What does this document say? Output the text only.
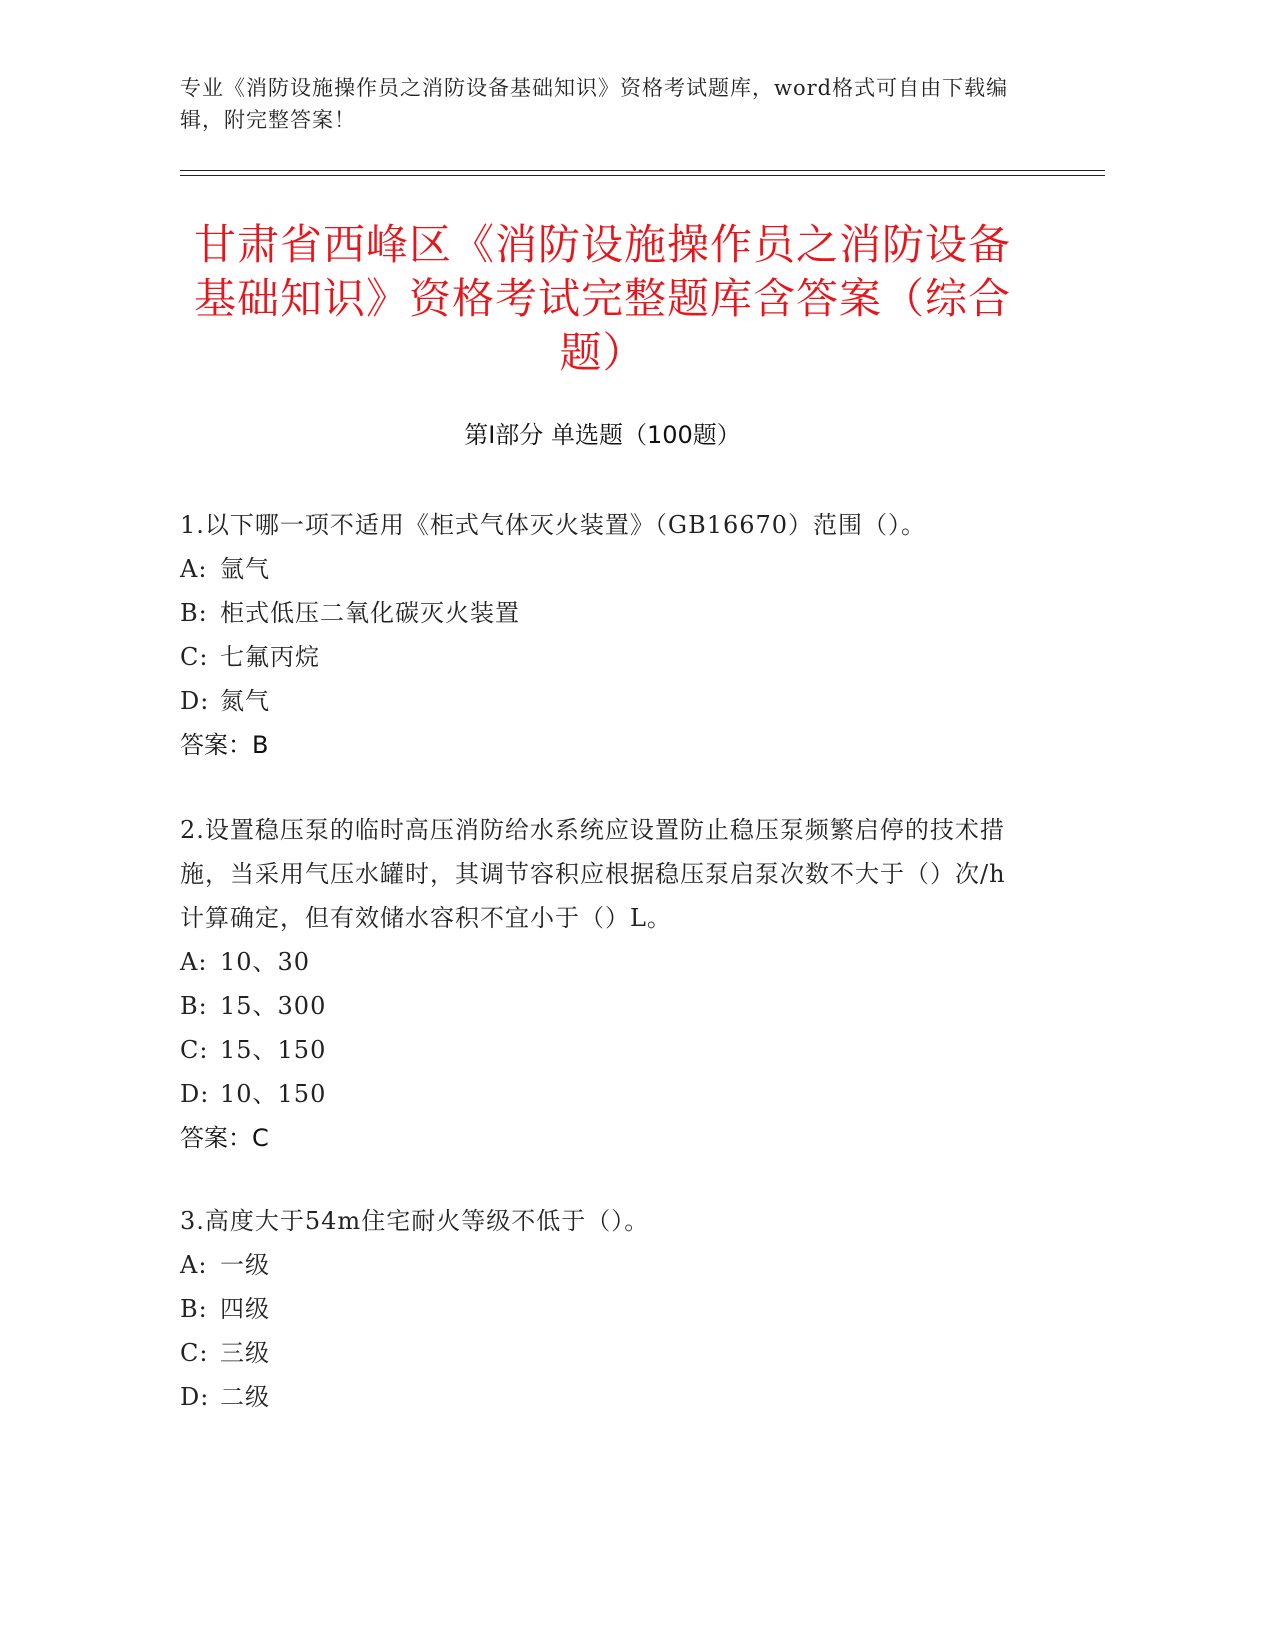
专业《消防设施操作员之消防设备基础知识》资格考试题库，word格式可自由下载编辑，附完整答案！
甘肃省西峰区《消防设施操作员之消防设备基础知识》资格考试完整题库含答案（综合题）
第Ⅰ部分 单选题（100题）
1.以下哪一项不适用《柜式气体灭火装置》（GB16670）范围（）。
A: 氩气
B: 柜式低压二氧化碳灭火装置
C: 七氟丙烷
D: 氮气
答案：B
2.设置稳压泵的临时高压消防给水系统应设置防止稳压泵频繁启停的技术措施，当采用气压水罐时，其调节容积应根据稳压泵启泵次数不大于（）次/h计算确定，但有效储水容积不宜小于（）L。
A: 10、30
B: 15、300
C: 15、150
D: 10、150
答案：C
3.高度大于54m住宅耐火等级不低于（）。
A: 一级
B: 四级
C: 三级
D: 二级
